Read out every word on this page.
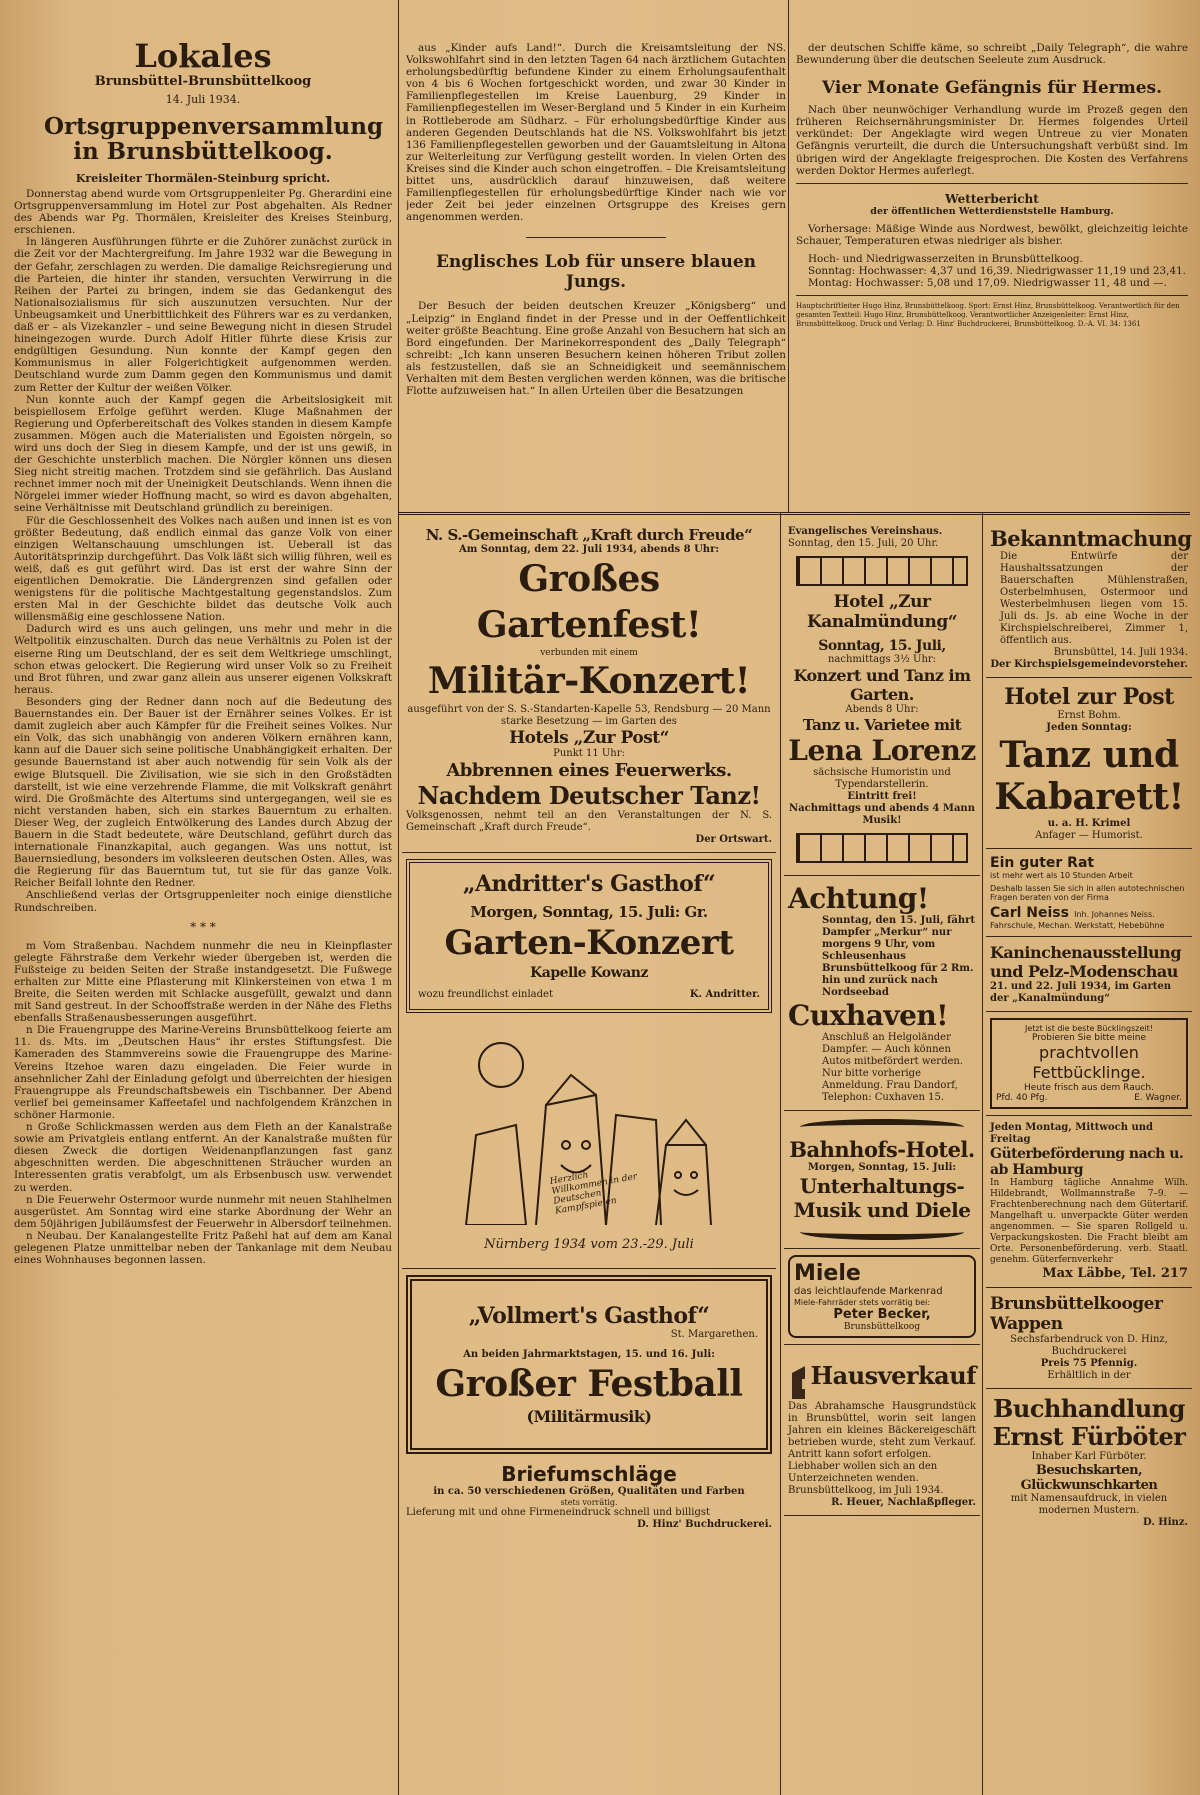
Lokales
Brunsbüttel-Brunsbüttelkoog
14. Juli 1934.
Ortsgruppenversammlung in Brunsbüttelkoog.
Kreisleiter Thormälen-Steinburg spricht.

Donnerstag abend wurde vom Ortsgruppenleiter Pg. Gherardini eine Ortsgruppenversammlung im Hotel zur Post abgehalten. Als Redner des Abends war Pg. Thormälen, Kreisleiter des Kreises Steinburg, erschienen.

In längeren Ausführungen führte er die Zuhörer zunächst zurück in die Zeit vor der Machtergreifung. Im Jahre 1932 war die Bewegung in der Gefahr, zerschlagen zu werden. Die damalige Reichsregierung und die Parteien, die hinter ihr standen, versuchten Verwirrung in die Reihen der Partei zu bringen, indem sie das Gedankengut des Nationalsozialismus für sich auszunutzen versuchten. Nur der Unbeugsamkeit und Unerbittlichkeit des Führers war es zu verdanken, daß er – als Vizekanzler – und seine Bewegung nicht in diesen Strudel hineingezogen wurde. Durch Adolf Hitler führte diese Krisis zur endgültigen Gesundung. Nun konnte der Kampf gegen den Kommunismus in aller Folgerichtigkeit aufgenommen werden. Deutschland wurde zum Damm gegen den Kommunismus und damit zum Retter der Kultur der weißen Völker.

Nun konnte auch der Kampf gegen die Arbeitslosigkeit mit beispiellosem Erfolge geführt werden. Kluge Maßnahmen der Regierung und Opferbereitschaft des Volkes standen in diesem Kampfe zusammen. Mögen auch die Materialisten und Egoisten nörgeln, so wird uns doch der Sieg in diesem Kampfe, und der ist uns gewiß, in der Geschichte unsterblich machen. Die Nörgler können uns diesen Sieg nicht streitig machen. Trotzdem sind sie gefährlich. Das Ausland rechnet immer noch mit der Uneinigkeit Deutschlands. Wenn ihnen die Nörgelei immer wieder Hoffnung macht, so wird es davon abgehalten, seine Verhältnisse mit Deutschland gründlich zu bereinigen.

Für die Geschlossenheit des Volkes nach außen und innen ist es von größter Bedeutung, daß endlich einmal das ganze Volk von einer einzigen Weltanschauung umschlungen ist. Ueberall ist das Autoritätsprinzip durchgeführt. Das Volk läßt sich willig führen, weil es weiß, daß es gut geführt wird. Das ist erst der wahre Sinn der eigentlichen Demokratie. Die Ländergrenzen sind gefallen oder wenigstens für die politische Machtgestaltung gegenstandslos. Zum ersten Mal in der Geschichte bildet das deutsche Volk auch willensmäßig eine geschlossene Nation.

Dadurch wird es uns auch gelingen, uns mehr und mehr in die Weltpolitik einzuschalten. Durch das neue Verhältnis zu Polen ist der eiserne Ring um Deutschland, der es seit dem Weltkriege umschlingt, schon etwas gelockert. Die Regierung wird unser Volk so zu Freiheit und Brot führen, und zwar ganz allein aus unserer eigenen Volkskraft heraus.

Besonders ging der Redner dann noch auf die Bedeutung des Bauernstandes ein. Der Bauer ist der Ernährer seines Volkes. Er ist damit zugleich aber auch Kämpfer für die Freiheit seines Volkes. Nur ein Volk, das sich unabhängig von anderen Völkern ernähren kann, kann auf die Dauer sich seine politische Unabhängigkeit erhalten. Der gesunde Bauernstand ist aber auch notwendig für sein Volk als der ewige Blutsquell. Die Zivilisation, wie sie sich in den Großstädten darstellt, ist wie eine verzehrende Flamme, die mit Volkskraft genährt wird. Die Großmächte des Altertums sind untergegangen, weil sie es nicht verstanden haben, sich ein starkes Bauerntum zu erhalten. Dieser Weg, der zugleich Entwölkerung des Landes durch Abzug der Bauern in die Stadt bedeutete, wäre Deutschland, geführt durch das internationale Finanzkapital, auch gegangen. Was uns nottut, ist Bauernsiedlung, besonders im volksleeren deutschen Osten. Alles, was die Regierung für das Bauerntum tut, tut sie für das ganze Volk. Reicher Beifall lohnte den Redner.

Anschließend verlas der Ortsgruppenleiter noch einige dienstliche Rundschreiben.

* * *

m Vom Straßenbau. Nachdem nunmehr die neu in Kleinpflaster gelegte Fährstraße dem Verkehr wieder übergeben ist, werden die Fußsteige zu beiden Seiten der Straße instandgesetzt. Die Fußwege erhalten zur Mitte eine Pflasterung mit Klinkersteinen von etwa 1 m Breite, die Seiten werden mit Schlacke ausgefüllt, gewalzt und dann mit Sand gestreut. In der Schooffstraße werden in der Nähe des Fleths ebenfalls Straßenausbesserungen ausgeführt.

n Die Frauengruppe des Marine-Vereins Brunsbüttelkoog feierte am 11. ds. Mts. im „Deutschen Haus“ ihr erstes Stiftungsfest. Die Kameraden des Stammvereins sowie die Frauengruppe des Marine-Vereins Itzehoe waren dazu eingeladen. Die Feier wurde in ansehnlicher Zahl der Einladung gefolgt und überreichten der hiesigen Frauengruppe als Freundschaftsbeweis ein Tischbanner. Der Abend verlief bei gemeinsamer Kaffeetafel und nachfolgendem Kränzchen in schöner Harmonie.

n Große Schlickmassen werden aus dem Fleth an der Kanalstraße sowie am Privatgleis entlang entfernt. An der Kanalstraße mußten für diesen Zweck die dortigen Weidenanpflanzungen fast ganz abgeschnitten werden. Die abgeschnittenen Sträucher wurden an Interessenten gratis verabfolgt, um als Erbsenbusch usw. verwendet zu werden.

n Die Feuerwehr Ostermoor wurde nunmehr mit neuen Stahlhelmen ausgerüstet. Am Sonntag wird eine starke Abordnung der Wehr an dem 50jährigen Jubiläumsfest der Feuerwehr in Albersdorf teilnehmen.

n Neubau. Der Kanalangestellte Fritz Paßehl hat auf dem am Kanal gelegenen Platze unmittelbar neben der Tankanlage mit dem Neubau eines Wohnhauses begonnen lassen.

aus „Kinder aufs Land!“. Durch die Kreisamtsleitung der NS. Volkswohlfahrt sind in den letzten Tagen 64 nach ärztlichem Gutachten erholungsbedürftig befundene Kinder zu einem Erholungsaufenthalt von 4 bis 6 Wochen fortgeschickt worden, und zwar 30 Kinder in Familienpflegestellen im Kreise Lauenburg, 29 Kinder in Familienpflegestellen im Weser-Bergland und 5 Kinder in ein Kurheim in Rottleberode am Südharz. – Für erholungsbedürftige Kinder aus anderen Gegenden Deutschlands hat die NS. Volkswohlfahrt bis jetzt 136 Familienpflegestellen geworben und der Gauamtsleitung in Altona zur Weiterleitung zur Verfügung gestellt worden. In vielen Orten des Kreises sind die Kinder auch schon eingetroffen. – Die Kreisamtsleitung bittet uns, ausdrücklich darauf hinzuweisen, daß weitere Familienpflegestellen für erholungsbedürftige Kinder nach wie vor jeder Zeit bei jeder einzelnen Ortsgruppe des Kreises gern angenommen werden.

Englisches Lob für unsere blauen Jungs.

Der Besuch der beiden deutschen Kreuzer „Königsberg“ und „Leipzig“ in England findet in der Presse und in der Oeffentlichkeit weiter größte Beachtung. Eine große Anzahl von Besuchern hat sich an Bord eingefunden. Der Marinekorrespondent des „Daily Telegraph“ schreibt: „Ich kann unseren Besuchern keinen höheren Tribut zollen als festzustellen, daß sie an Schneidigkeit und seemännischem Verhalten mit dem Besten verglichen werden können, was die britische Flotte aufzuweisen hat.“ In allen Urteilen über die Besatzungen

der deutschen Schiffe käme, so schreibt „Daily Telegraph“, die wahre Bewunderung über die deutschen Seeleute zum Ausdruck.

Vier Monate Gefängnis für Hermes.

Nach über neunwöchiger Verhandlung wurde im Prozeß gegen den früheren Reichsernährungsminister Dr. Hermes folgendes Urteil verkündet: Der Angeklagte wird wegen Untreue zu vier Monaten Gefängnis verurteilt, die durch die Untersuchungshaft verbüßt sind. Im übrigen wird der Angeklagte freigesprochen. Die Kosten des Verfahrens werden Doktor Hermes auferlegt.

Wetterbericht
der öffentlichen Wetterdienststelle Hamburg.

Vorhersage: Mäßige Winde aus Nordwest, bewölkt, gleichzeitig leichte Schauer, Temperaturen etwas niedriger als bisher.

Hoch- und Niedrigwasserzeiten in Brunsbüttelkoog.

Sonntag: Hochwasser: 4,37 und 16,39. Niedrigwasser 11,19 und 23,41.

Montag: Hochwasser: 5,08 und 17,09. Niedrigwasser 11, 48 und —.

Hauptschriftleiter Hugo Hinz, Brunsbüttelkoog. Sport: Ernst Hinz, Brunsbüttelkoog. Verantwortlich für den gesamten Textteil: Hugo Hinz, Brunsbüttelkoog. Verantwortlicher Anzeigenleiter: Ernst Hinz, Brunsbüttelkoog. Druck und Verlag: D. Hinz' Buchdruckerei, Brunsbüttelkoog. D.-A. VI. 34: 1361

N. S.-Gemeinschaft „Kraft durch Freude“
Am Sonntag, dem 22. Juli 1934, abends 8 Uhr:
Großes Gartenfest!
verbunden mit einem
Militär-Konzert!
ausgeführt von der S. S.-Standarten-Kapelle 53, Rendsburg — 20 Mann starke Besetzung — im Garten des
Hotels „Zur Post“
Punkt 11 Uhr:
Abbrennen eines Feuerwerks.
Nachdem Deutscher Tanz!
Volksgenossen, nehmt teil an den Veranstaltungen der N. S. Gemeinschaft „Kraft durch Freude“.
Der Ortswart.
„Andritter's Gasthof“
Morgen, Sonntag, 15. Juli: Gr.
Garten-Konzert
Kapelle Kowanz
wozu freundlichst einladet	K. Andritter.
Herzlich Willkommen in der Deutschen Kampfspielen
Nürnberg 1934 vom 23.-29. Juli
„Vollmert's Gasthof“
St. Margarethen.
An beiden Jahrmarktstagen, 15. und 16. Juli:
Großer Festball
(Militärmusik)
Briefumschläge
in ca. 50 verschiedenen Größen, Qualitäten und Farben
stets vorrätig.
Lieferung mit und ohne Firmeneindruck schnell und billigst
D. Hinz' Buchdruckerei.
Evangelisches Vereinshaus.
Sonntag, den 15. Juli, 20 Uhr.
Hotel „Zur Kanalmündung“
Sonntag, 15. Juli,
nachmittags 3½ Uhr:
Konzert und Tanz im Garten.
Abends 8 Uhr:
Tanz u. Varietee mit
Lena Lorenz
sächsische Humoristin und Typendarstellerin.
Eintritt frei!
Nachmittags und abends 4 Mann Musik!
Achtung!
Sonntag, den 15. Juli, fährt Dampfer „Merkur“ nur morgens 9 Uhr, vom Schleusenhaus Brunsbüttelkoog für 2 Rm. hin und zurück nach Nordseebad
Cuxhaven!
Anschluß an Helgoländer Dampfer. — Auch können Autos mitbefördert werden. Nur bitte vorherige Anmeldung. Frau Dandorf, Telephon: Cuxhaven 15.
Bahnhofs-Hotel.
Morgen, Sonntag, 15. Juli:
Unterhaltungs-Musik und Diele
Miele
das leichtlaufende Markenrad
Miele-Fahrräder stets vorrätig bei:
Peter Becker,
Brunsbüttelkoog
Hausverkauf
Das Abrahamsche Hausgrundstück in Brunsbüttel, worin seit langen Jahren ein kleines Bäckereigeschäft betrieben wurde, steht zum Verkauf. Antritt kann sofort erfolgen.
Liebhaber wollen sich an den Unterzeichneten wenden.
Brunsbüttelkoog, im Juli 1934.
R. Heuer, Nachlaßpfleger.
Bekanntmachung
Die Entwürfe der Haushaltssatzungen der Bauerschaften Mühlenstraßen, Osterbelmhusen, Ostermoor und Westerbelmhusen liegen vom 15. Juli ds. Js. ab eine Woche in der Kirchspielschreiberei, Zimmer 1, öffentlich aus.
Brunsbüttel, 14. Juli 1934.
Der Kirchspielsgemeindevorsteher.
Hotel zur Post
Ernst Bohm.
Jeden Sonntag:
Tanz und Kabarett!
u. a. H. Krimel
Anfager — Humorist.
Ein guter Rat
ist mehr wert als 10 Stunden Arbeit
Deshalb lassen Sie sich in allen autotechnischen Fragen beraten von der Firma
Carl Neiss Inh. Johannes Neiss.
Fahrschule, Mechan. Werkstatt, Hebebühne
Kaninchenausstellung und Pelz-Modenschau
21. und 22. Juli 1934, im Garten der „Kanalmündung“
Jetzt ist die beste Bücklingszeit!
Probieren Sie bitte meine
prachtvollen Fettbücklinge.
Heute frisch aus dem Rauch.
Pfd. 40 Pfg.	E. Wagner.
Jeden Montag, Mittwoch und Freitag
Güterbeförderung nach u. ab Hamburg
In Hamburg tägliche Annahme Wilh. Hildebrandt, Wollmannstraße 7–9. — Frachtenberechnung nach dem Gütertarif. Mangelhaft u. unverpackte Güter werden angenommen. — Sie sparen Rollgeld u. Verpackungskosten. Die Fracht bleibt am Orte. Personenbeförderung. verb. Staatl. genehm. Güterfernverkehr
Max Läbbe, Tel. 217
Brunsbüttelkooger Wappen
Sechsfarbendruck von D. Hinz, Buchdruckerei
Preis 75 Pfennig.
Erhältlich in der
Buchhandlung Ernst Fürböter
Inhaber Karl Fürböter.
Besuchskarten, Glückwunschkarten
mit Namensaufdruck, in vielen modernen Mustern.
D. Hinz.
